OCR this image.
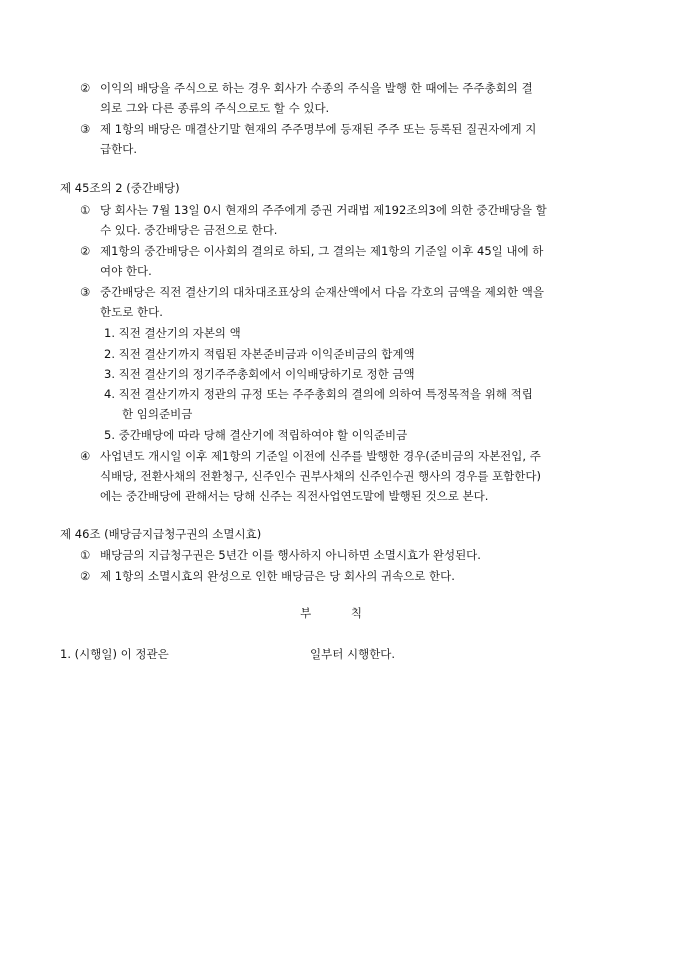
② 이익의 배당을 주식으로 하는 경우 회사가 수종의 주식을 발행 한 때에는 주주총회의 결
의로 그와 다른 종류의 주식으로도 할 수 있다.
③ 제 1항의 배당은 매결산기말 현재의 주주명부에 등재된 주주 또는 등록된 질권자에게 지
급한다.
제 45조의 2 (중간배당)
① 당 회사는 7월 13일 0시 현재의 주주에게 증권 거래법 제192조의3에 의한 중간배당을 할
수 있다. 중간배당은 금전으로 한다.
② 제1항의 중간배당은 이사회의 결의로 하되, 그 결의는 제1항의 기준일 이후 45일 내에 하
여야 한다.
③ 중간배당은 직전 결산기의 대차대조표상의 순재산액에서 다음 각호의 금액을 제외한 액을
한도로 한다.
1. 직전 결산기의 자본의 액
2. 직전 결산기까지 적립된 자본준비금과 이익준비금의 합계액
3. 직전 결산기의 정기주주총회에서 이익배당하기로 정한 금액
4. 직전 결산기까지 정관의 규정 또는 주주총회의 결의에 의하여 특정목적을 위해 적립
한 임의준비금
5. 중간배당에 따라 당해 결산기에 적립하여야 할 이익준비금
④ 사업년도 개시일 이후 제1항의 기준일 이전에 신주를 발행한 경우(준비금의 자본전입, 주
식배당, 전환사채의 전환청구, 신주인수 권부사채의 신주인수권 행사의 경우를 포함한다)
에는 중간배당에 관해서는 당해 신주는 직전사업연도말에 발행된 것으로 본다.
제 46조 (배당금지급청구권의 소멸시효)
① 배당금의 지급청구권은 5년간 이를 행사하지 아니하면 소멸시효가 완성된다.
② 제 1항의 소멸시효의 완성으로 인한 배당금은 당 회사의 귀속으로 한다.
부 칙
1. (시행일) 이 정관은	일부터 시행한다.
